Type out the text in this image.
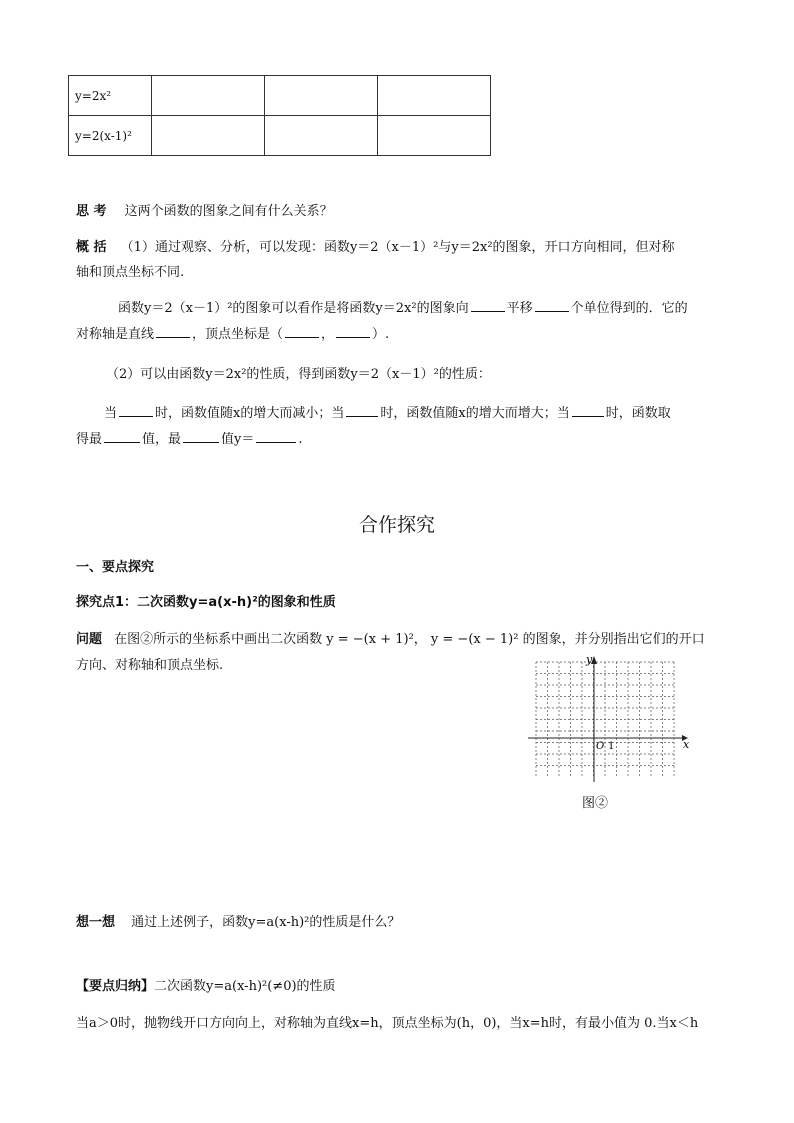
y=2x²			
y=2(x-1)²			
思 考 这两个函数的图象之间有什么关系？
概 括 （1）通过观察、分析，可以发现：函数y＝2（x－1）²与y＝2x²的图象，开口方向相同，但对称
轴和顶点坐标不同.
函数y＝2（x－1）²的图象可以看作是将函数y＝2x²的图象向	平移	个单位得到的．它的
对称轴是直线	，顶点坐标是（	，	）.
（2）可以由函数y＝2x²的性质，得到函数y＝2（x－1）²的性质：
当	时，函数值随x的增大而减小；当	时，函数值随x的增大而增大；当	时，函数取
得最	值，最	值y＝	.
合作探究
一、要点探究
探究点1：二次函数y=a(x-h)²的图象和性质
问题 在图②所示的坐标系中画出二次函数 y = −(x + 1)²， y = −(x − 1)² 的图象，并分别指出它们的开口
方向、对称轴和顶点坐标.
x
y
O 1
图②
想一想 通过上述例子，函数y=a(x-h)²的性质是什么？
【要点归纳】二次函数y=a(x-h)²(≠0)的性质
当a＞0时，抛物线开口方向向上，对称轴为直线x=h，顶点坐标为(h，0)，当x=h时，有最小值为 0.当x＜h
